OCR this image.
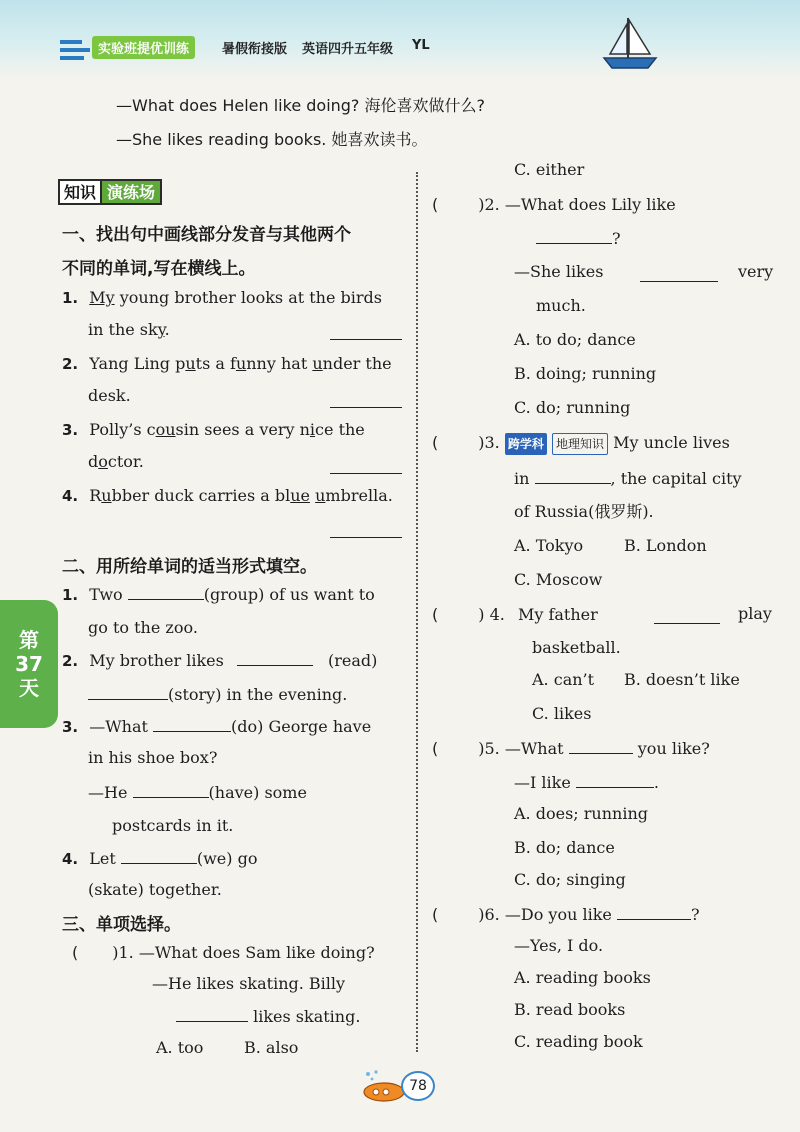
实验班提优训练	暑假衔接版 英语四升五年级 YL
—What does Helen like doing? 海伦喜欢做什么?
—She likes reading books. 她喜欢读书。
知识 演练场
第
37
天
一、找出句中画线部分发音与其他两个
不同的单词,写在横线上。
1. My young brother looks at the birds
in the sky.
2. Yang Ling puts a funny hat under the
desk.
3. Polly’s cousin sees a very nice the
doctor.
4. Rubber duck carries a blue umbrella.
二、用所给单词的适当形式填空。
1. Two	(group) of us want to
go to the zoo.
2. My brother likes	(read)
(story) in the evening.
3. —What	(do) George have
in his shoe box?
—He	(have) some
postcards in it.
4. Let	(we) go
(skate) together.
三、单项选择。
( )1. —What does Sam like doing?
—He likes skating. Billy
likes skating.
A. too	B. also
C. either
(	)2. —What does Lily like
?
—She likes	very
much.
A. to do; dance
B. doing; running
C. do; running
(	)3. 跨学科 地理知识 My uncle lives
in	, the capital city
of Russia(俄罗斯).
A. Tokyo	B. London
C. Moscow
(	) 4. My father	play
basketball.
A. can’t B. doesn’t like
C. likes
(	)5. —What	you like?
—I like	.
A. does; running
B. do; dance
C. do; singing
(	)6. —Do you like	?
—Yes, I do.
A. reading books
B. read books
C. reading book
78
